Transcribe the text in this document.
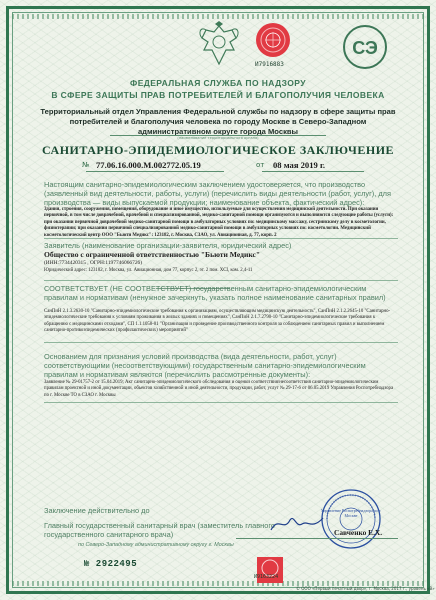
И7916883
СЭ
ФЕДЕРАЛЬНАЯ СЛУЖБА ПО НАДЗОРУ
В СФЕРЕ ЗАЩИТЫ ПРАВ ПОТРЕБИТЕЛЕЙ И БЛАГОПОЛУЧИЯ ЧЕЛОВЕКА
Территориальный отдел Управления Федеральной службы по надзору в сфере защиты прав потребителей и благополучия человека по городу Москве в Северо-Западном административном округе города Москвы
(наименование территориального органа)
САНИТАРНО-ЭПИДЕМИОЛОГИЧЕСКОЕ ЗАКЛЮЧЕНИЕ
№ 77.06.16.000.М.002772.05.19	от 08 мая 2019 г.
Настоящим санитарно-эпидемиологическим заключением удостоверяется, что производство (заявленный вид деятельности, работы, услуги) (перечислить виды деятельности (работ, услуг), для производства — виды выпускаемой продукции; наименование объекта, фактический адрес):
Здания, строения, сооружения, помещения, оборудование и иное имущество, используемые для осуществления медицинской деятельности. При оказании первичной, в том числе доврачебной, врачебной и специализированной, медико-санитарной помощи организуются и выполняются следующие работы (услуги): при оказании первичной доврачебной медико-санитарной помощи в амбулаторных условиях по: медицинскому массажу, сестринскому делу в косметологии, физиотерапии; при оказании первичной специализированной медико-санитарной помощи в амбулаторных условиях по: косметологии. Медицинский косметологический центр ООО "Бьюти Медикс": 123182, г. Москва, СЗАО, ул. Авиационная, д. 77, корп. 2
Заявитель (наименование организации-заявителя, юридический адрес)
Общество с ограниченной ответственностью "Бьюти Медикс"
(ИНН:7734420315 , ОГРН:1197746066726)
Юридический адрес: 123182, г. Москва, ул. Авиационная, дом 77, корпус 2, эт. 2 пом. XCI, ком. 2,4-11
СООТВЕТСТВУЕТ (НЕ СООТВЕТСТВУЕТ) государственным санитарно-эпидемиологическим правилам и нормативам (ненужное зачеркнуть, указать полное наименование санитарных правил)
СанПиН 2.1.3.2630-10 "Санитарно-эпидемиологические требования к организациям, осуществляющим медицинскую деятельность", СанПиН 2.1.2.2645-10 "Санитарно-эпидемиологические требования к условиям проживания в жилых зданиях и помещениях", СанПиН 2.1.7.2790-10 "Санитарно-эпидемиологические требования к обращению с медицинскими отходами", СП 1.1.1058-01 "Организация и проведение производственного контроля за соблюдением санитарных правил и выполнением санитарно-противоэпидемических (профилактических) мероприятий"
Основанием для признания условий производства (вида деятельности, работ, услуг) соответствующими (несоответствующими) государственным санитарно-эпидемиологическим правилам и нормативам являются (перечислить рассмотренные документы):
Заявление № 29-01757-2 от 15.04.2019; Акт санитарно-эпидемиологического обследования и оценки соответствия/несоответствия санитарно-эпидемиологическим правилам проектной и иной документации, объектов хозяйственной и иной деятельности, продукции, работ, услуг № 29-17-6 от 06.05.2019 Управления Роспотребнадзора по г. Москве ТО в СЗАО г. Москвы
Заключение действительно до
Главный государственный санитарный врач (заместитель главного государственного санитарного врача)
по Северо-Западному административному округу г. Москвы
Управление Роспотребнадзора по г. Москве
Савченко Е.Х.
№ 2922495
И9163224
© ООО «Первый печатный двор», г. Москва, 2017 г., уровень «В»
